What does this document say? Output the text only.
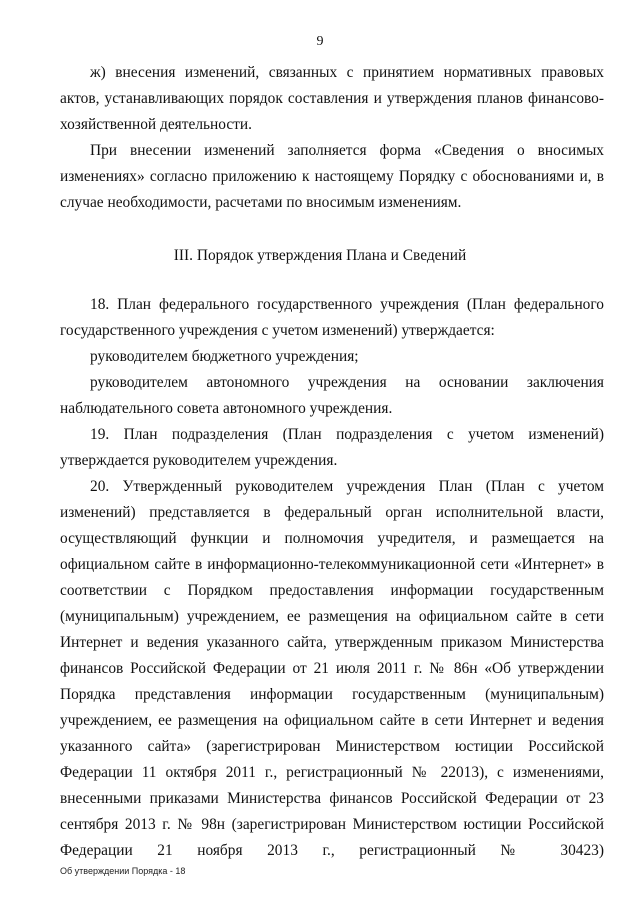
9

ж) внесения изменений, связанных с принятием нормативных правовых актов, устанавливающих порядок составления и утверждения планов финансово-хозяйственной деятельности.

При внесении изменений заполняется форма «Сведения о вносимых изменениях» согласно приложению к настоящему Порядку с обоснованиями и, в случае необходимости, расчетами по вносимым изменениям.

III. Порядок утверждения Плана и Сведений

18. План федерального государственного учреждения (План федерального государственного учреждения с учетом изменений) утверждается:

руководителем бюджетного учреждения;

руководителем автономного учреждения на основании заключения наблюдательного совета автономного учреждения.

19. План подразделения (План подразделения с учетом изменений) утверждается руководителем учреждения.

20. Утвержденный руководителем учреждения План (План с учетом изменений) представляется в федеральный орган исполнительной власти, осуществляющий функции и полномочия учредителя, и размещается на официальном сайте в информационно-телекоммуникационной сети «Интернет» в соответствии с Порядком предоставления информации государственным (муниципальным) учреждением, ее размещения на официальном сайте в сети Интернет и ведения указанного сайта, утвержденным приказом Министерства финансов Российской Федерации от 21 июля 2011 г. № 86н «Об утверждении Порядка представления информации государственным (муниципальным) учреждением, ее размещения на официальном сайте в сети Интернет и ведения указанного сайта» (зарегистрирован Министерством юстиции Российской Федерации 11 октября 2011 г., регистрационный № 22013), с изменениями, внесенными приказами Министерства финансов Российской Федерации от 23 сентября 2013 г. № 98н (зарегистрирован Министерством юстиции Российской Федерации 21 ноября 2013 г., регистрационный № 30423)

Об утверждении Порядка - 18
